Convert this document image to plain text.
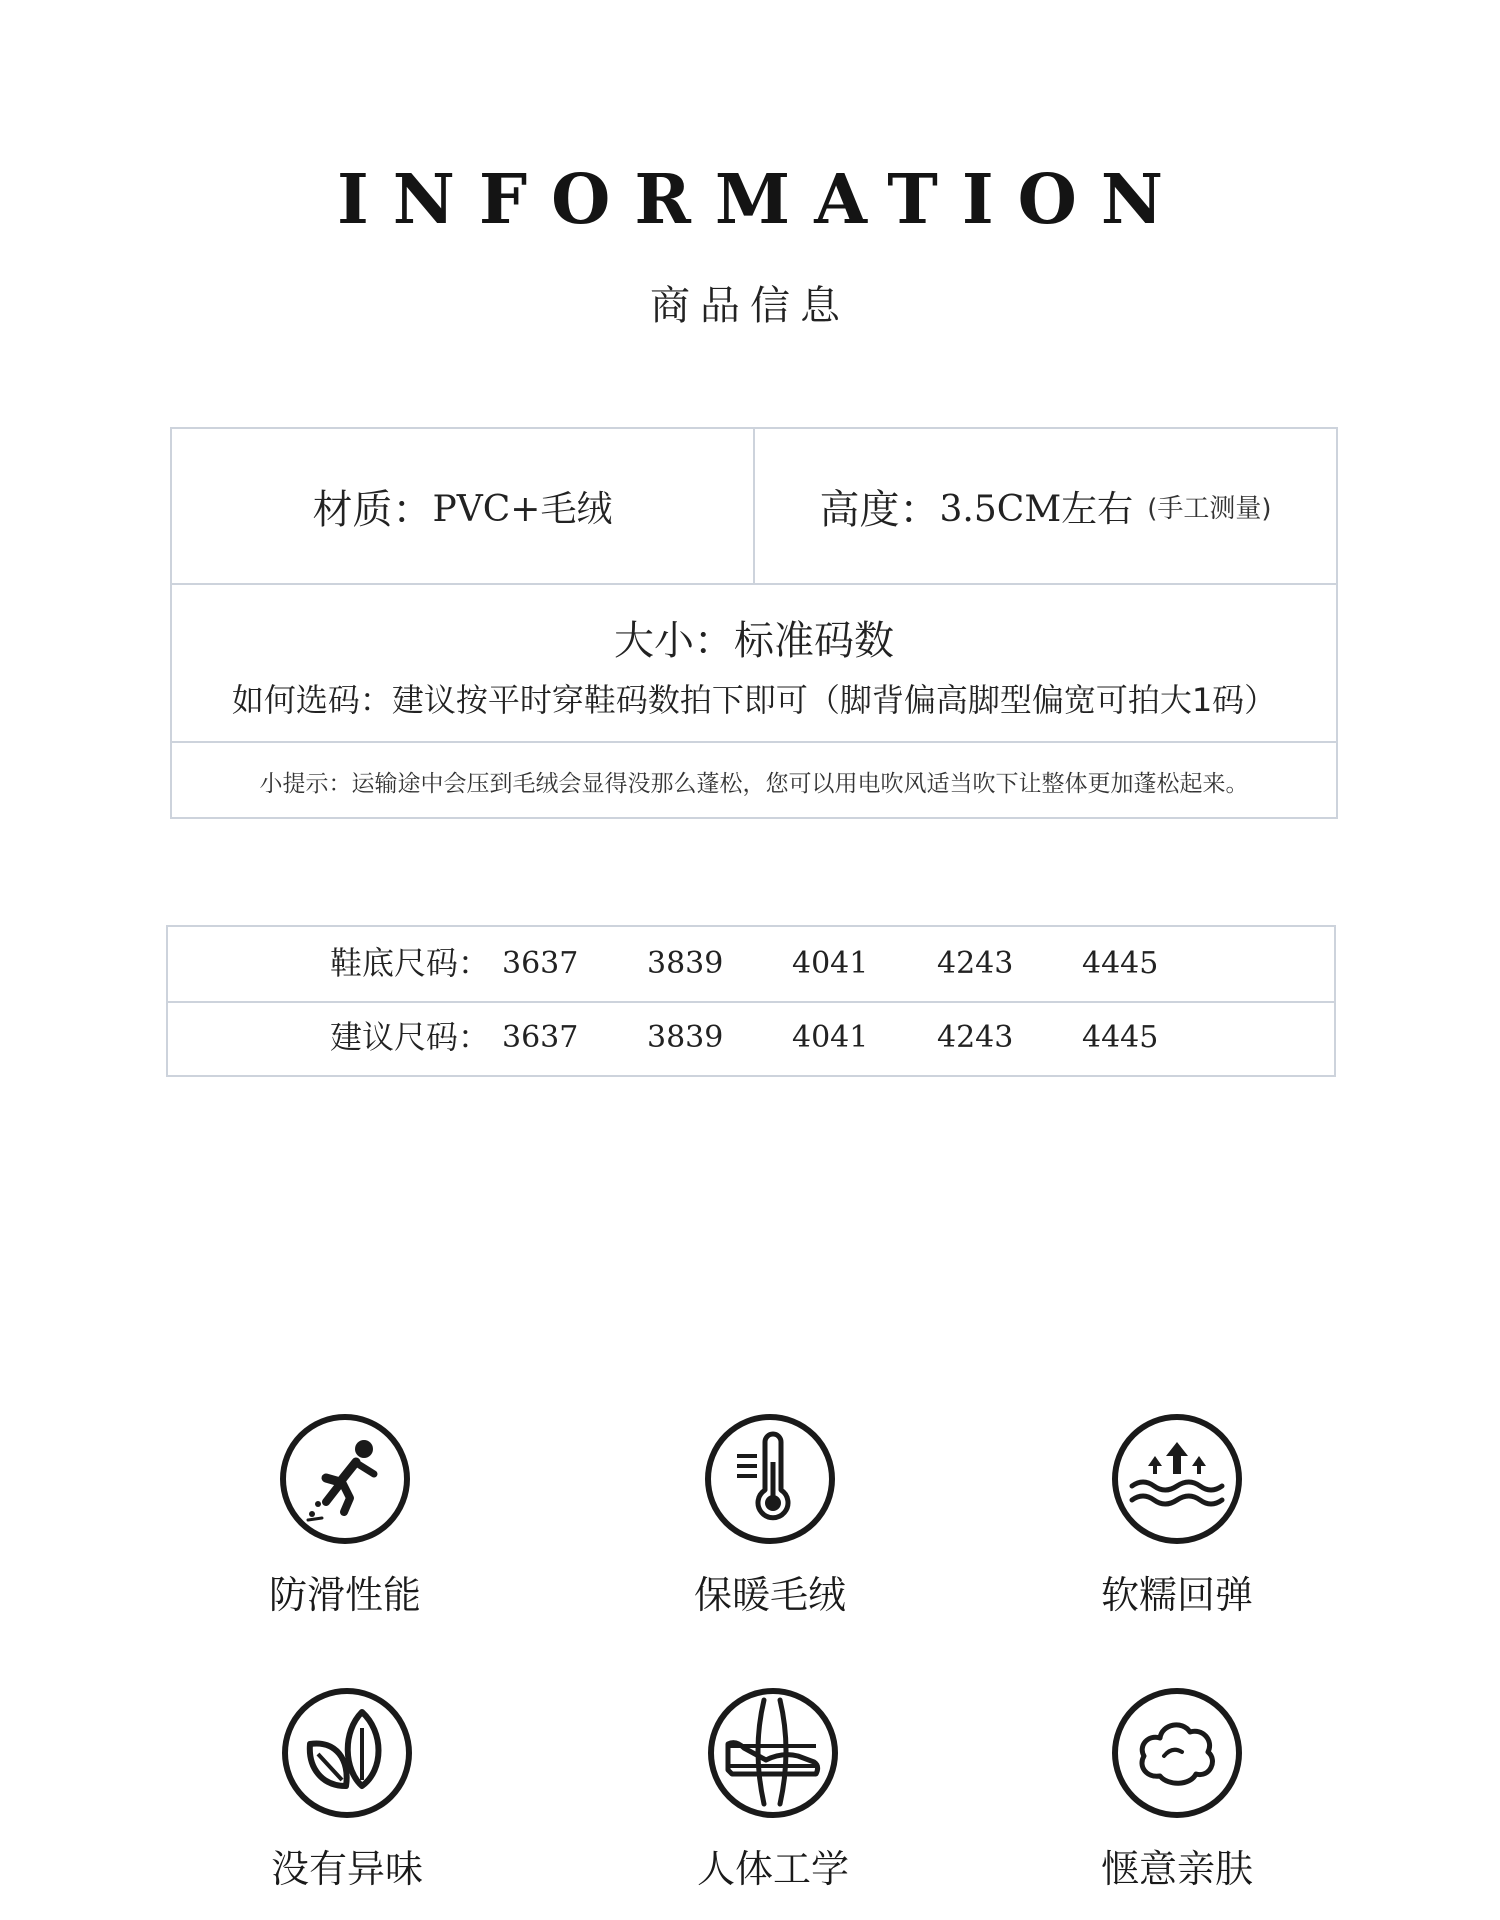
INFORMATION
商品信息
材质： PVC+毛绒	高度： 3.5CM左右 (手工测量)
大小：标准码数
如何选码：建议按平时穿鞋码数拍下即可（脚背偏高脚型偏宽可拍大1码）
小提示：运输途中会压到毛绒会显得没那么蓬松，您可以用电吹风适当吹下让整体更加蓬松起来。
鞋底尺码： 3637 3839 4041 4243 4445
建议尺码： 3637 3839 4041 4243 4445
防滑性能	保暖毛绒	软糯回弹
没有异味	人体工学	惬意亲肤
